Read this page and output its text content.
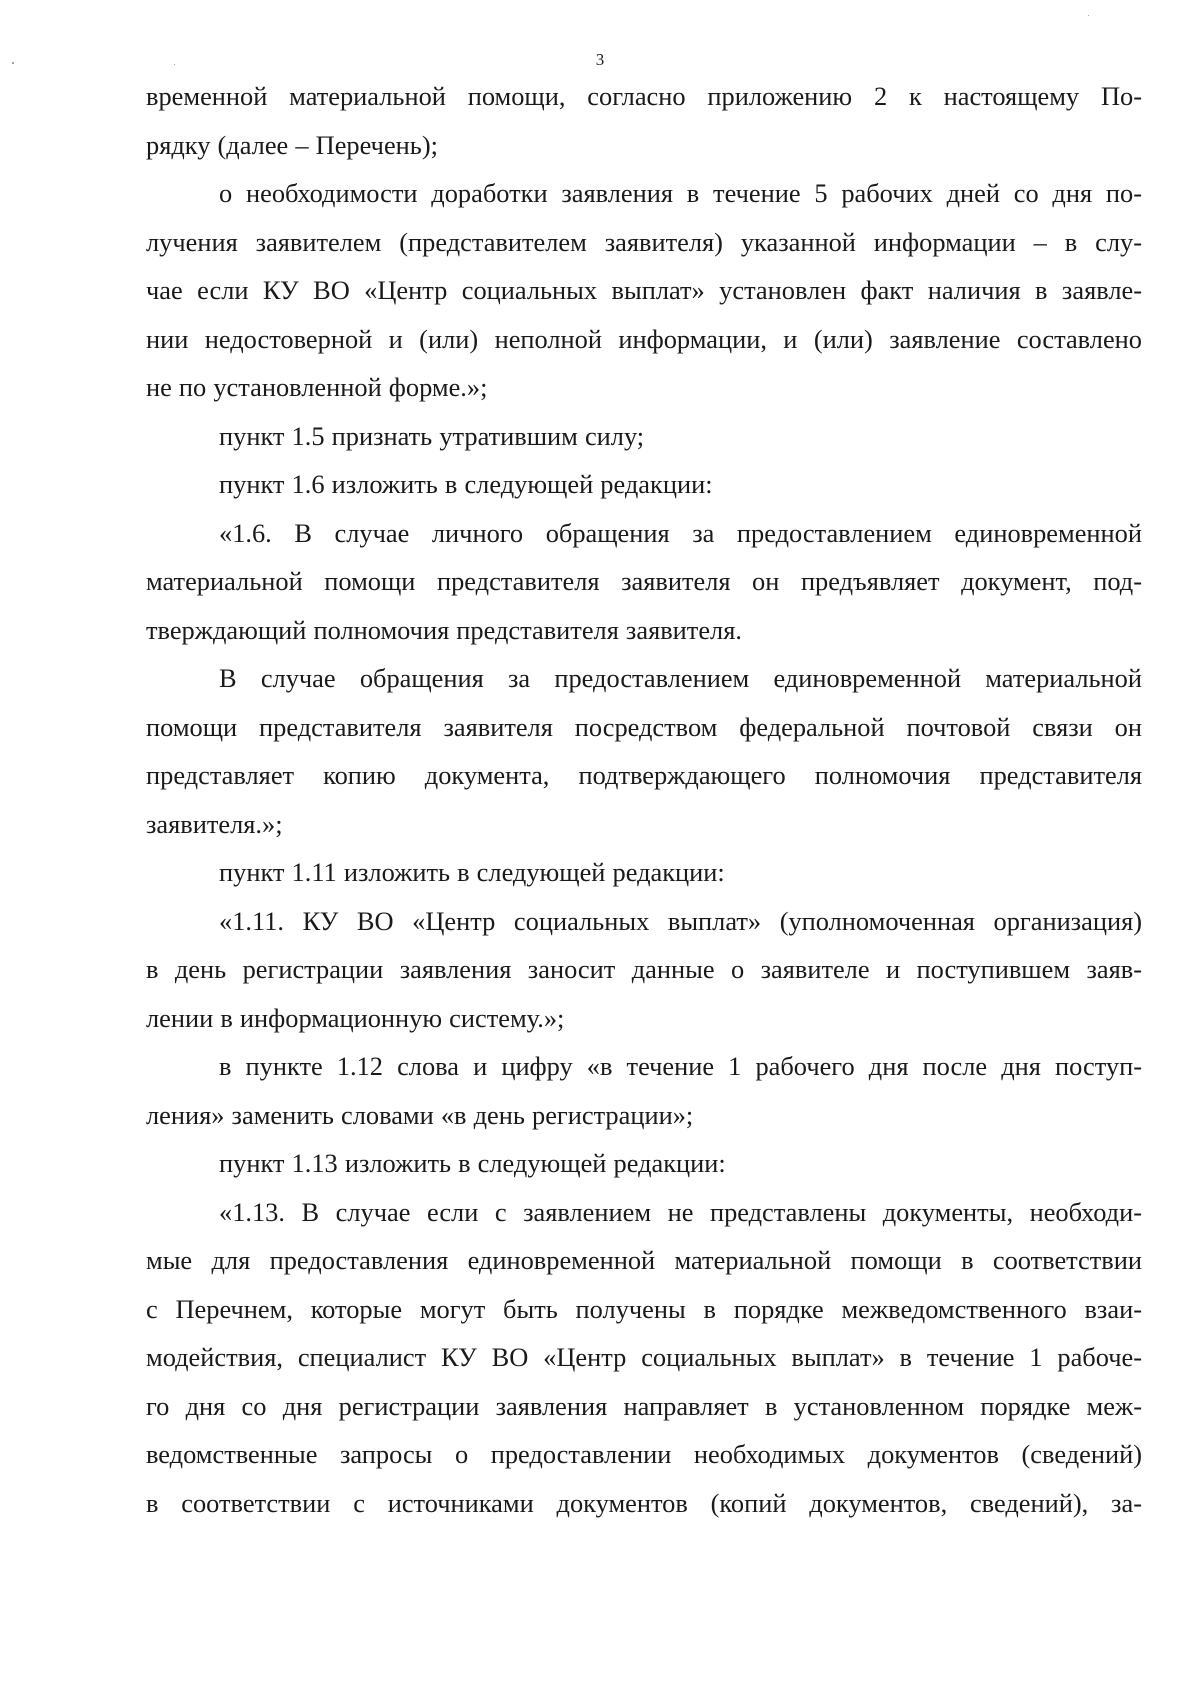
3
временной материальной помощи, согласно приложению 2 к настоящему По-
рядку (далее – Перечень);
о необходимости доработки заявления в течение 5 рабочих дней со дня по-
лучения заявителем (представителем заявителя) указанной информации – в слу-
чае если КУ ВО «Центр социальных выплат» установлен факт наличия в заявле-
нии недостоверной и (или) неполной информации, и (или) заявление составлено
не по установленной форме.»;
пункт 1.5 признать утратившим силу;
пункт 1.6 изложить в следующей редакции:
«1.6. В случае личного обращения за предоставлением единовременной
материальной помощи представителя заявителя он предъявляет документ, под-
тверждающий полномочия представителя заявителя.
В случае обращения за предоставлением единовременной материальной
помощи представителя заявителя посредством федеральной почтовой связи он
представляет копию документа, подтверждающего полномочия представителя
заявителя.»;
пункт 1.11 изложить в следующей редакции:
«1.11. КУ ВО «Центр социальных выплат» (уполномоченная организация)
в день регистрации заявления заносит данные о заявителе и поступившем заяв-
лении в информационную систему.»;
в пункте 1.12 слова и цифру «в течение 1 рабочего дня после дня поступ-
ления» заменить словами «в день регистрации»;
пункт 1.13 изложить в следующей редакции:
«1.13. В случае если с заявлением не представлены документы, необходи-
мые для предоставления единовременной материальной помощи в соответствии
с Перечнем, которые могут быть получены в порядке межведомственного взаи-
модействия, специалист КУ ВО «Центр социальных выплат» в течение 1 рабоче-
го дня со дня регистрации заявления направляет в установленном порядке меж-
ведомственные запросы о предоставлении необходимых документов (сведений)
в соответствии с источниками документов (копий документов, сведений), за-
